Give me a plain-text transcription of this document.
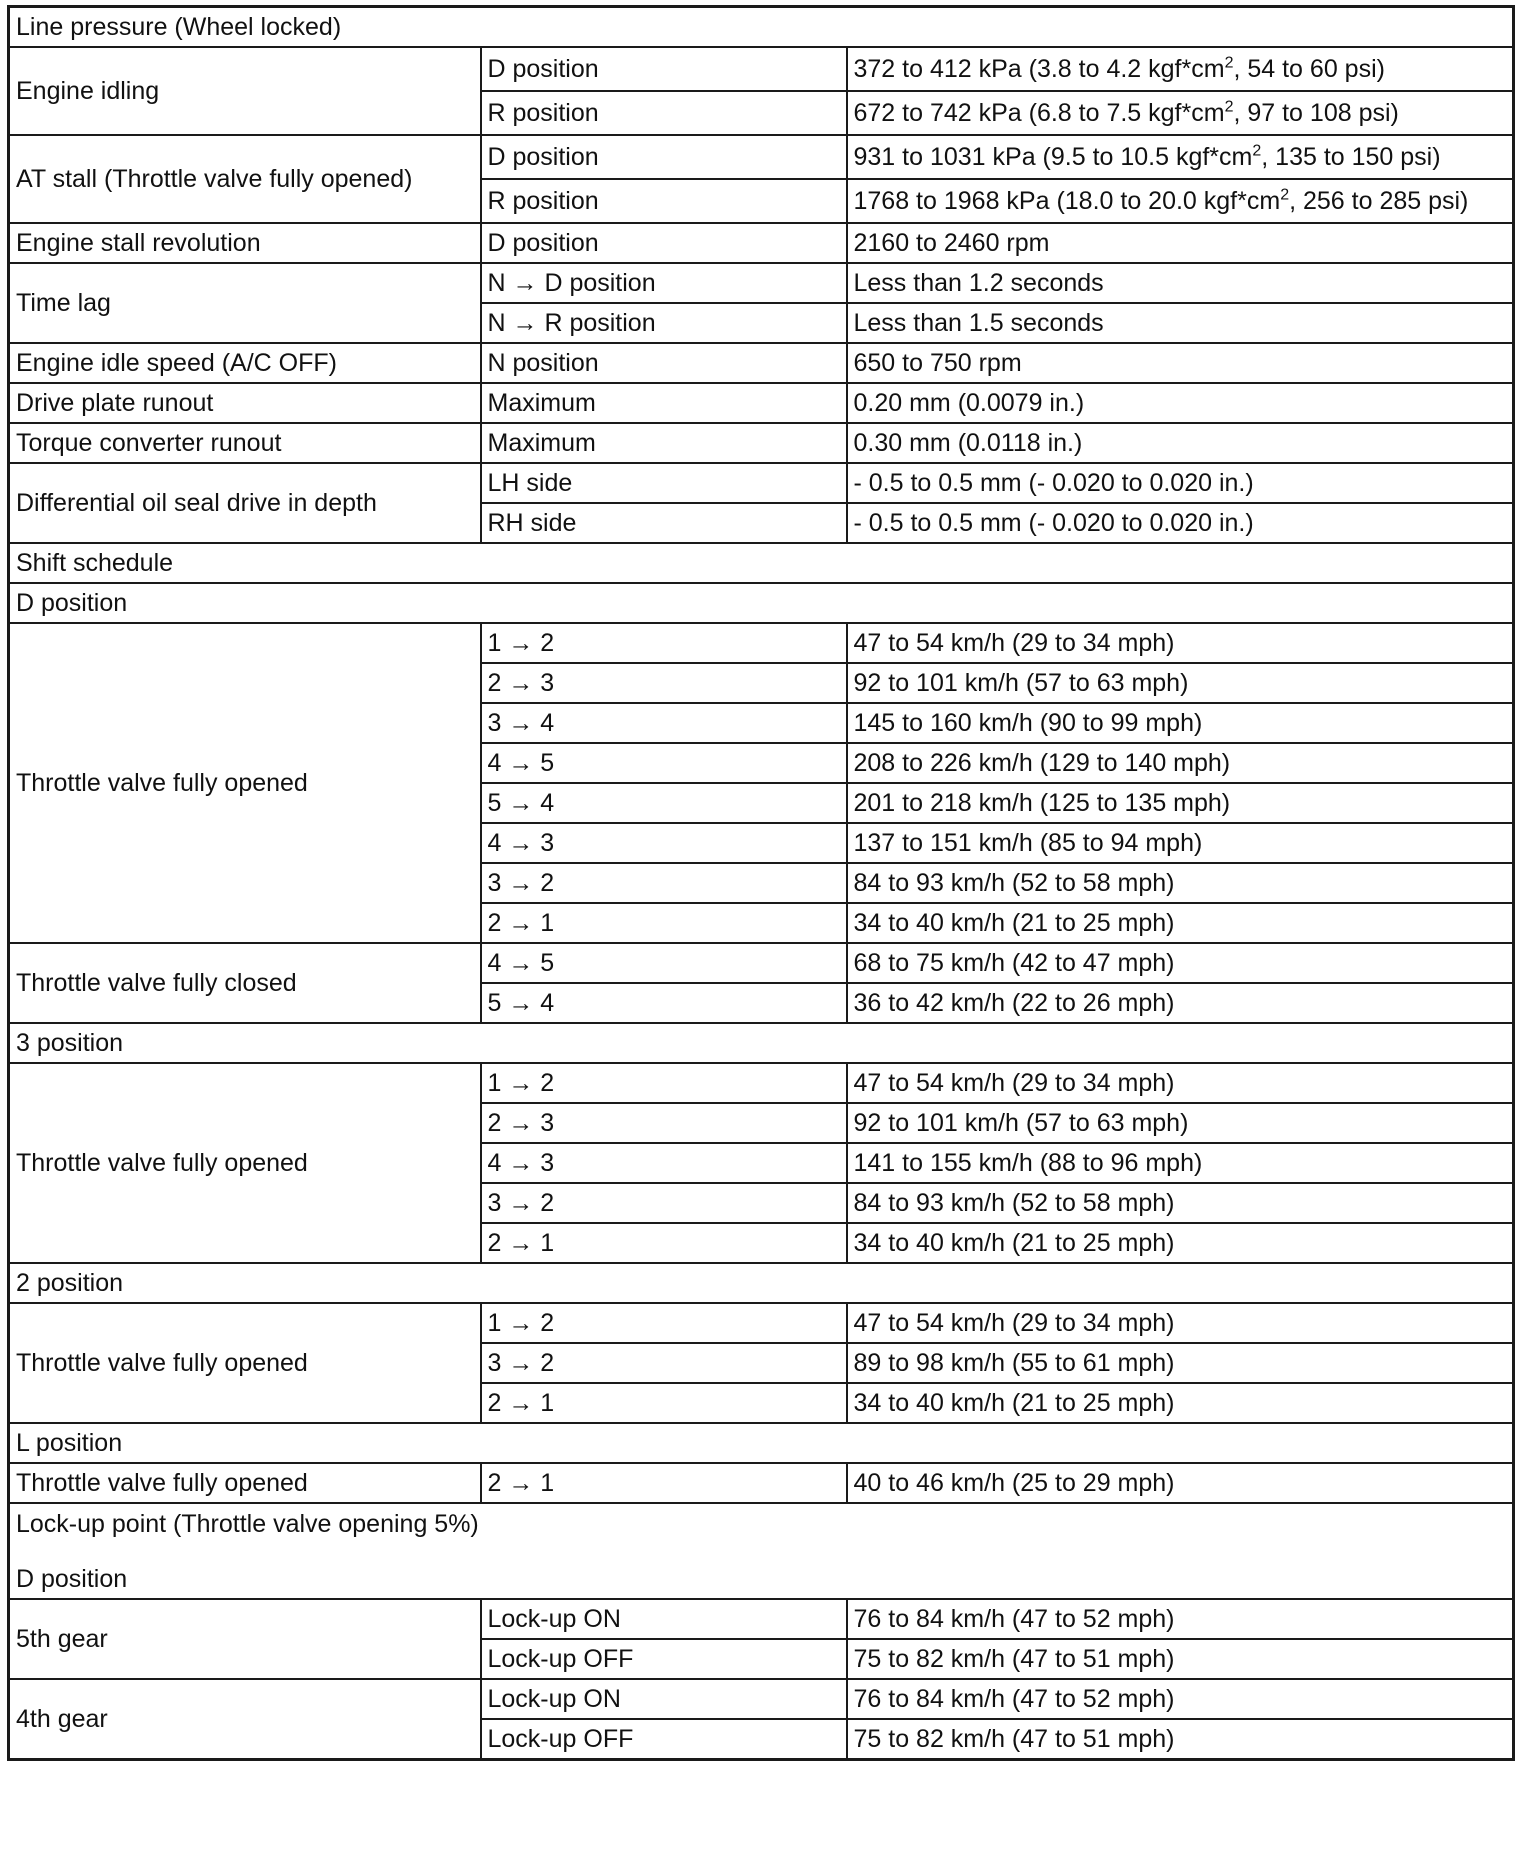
Line pressure (Wheel locked)		
Engine idling	D position	372 to 412 kPa (3.8 to 4.2 $kgf*cm^2$, 54 to 60 psi)
	R position	672 to 742 kPa (6.8 to 7.5 $kgf*cm^2$, 97 to 108 psi)
AT stall (Throttle valve fully opened)	D position	931 to 1031 kPa (9.5 to 10.5 $kgf*cm^2$, 135 to 150 psi)
	R position	1768 to 1968 kPa (18.0 to 20.0 $kgf*cm^2$, 256 to 285 psi)
Engine stall revolution	D position	2160 to 2460 rpm
Time lag	N → D position	Less than 1.2 seconds
	N → R position	Less than 1.5 seconds
Engine idle speed (A/C OFF)	N position	650 to 750 rpm
Drive plate runout	Maximum	0.20 mm (0.0079 in.)
Torque converter runout	Maximum	0.30 mm (0.0118 in.)
Differential oil seal drive in depth	LH side	- 0.5 to 0.5 mm (- 0.020 to 0.020 in.)
	RH side	- 0.5 to 0.5 mm (- 0.020 to 0.020 in.)
Shift schedule		
D position		
Throttle valve fully opened	1 → 2	47 to 54 km/h (29 to 34 mph)
	2 → 3	92 to 101 km/h (57 to 63 mph)
	3 → 4	145 to 160 km/h (90 to 99 mph)
	4 → 5	208 to 226 km/h (129 to 140 mph)
	5 → 4	201 to 218 km/h (125 to 135 mph)
	4 → 3	137 to 151 km/h (85 to 94 mph)
	3 → 2	84 to 93 km/h (52 to 58 mph)
	2 → 1	34 to 40 km/h (21 to 25 mph)
Throttle valve fully closed	4 → 5	68 to 75 km/h (42 to 47 mph)
	5 → 4	36 to 42 km/h (22 to 26 mph)
3 position		
Throttle valve fully opened	1 → 2	47 to 54 km/h (29 to 34 mph)
	2 → 3	92 to 101 km/h (57 to 63 mph)
	4 → 3	141 to 155 km/h (88 to 96 mph)
	3 → 2	84 to 93 km/h (52 to 58 mph)
	2 → 1	34 to 40 km/h (21 to 25 mph)
2 position		
Throttle valve fully opened	1 → 2	47 to 54 km/h (29 to 34 mph)
	3 → 2	89 to 98 km/h (55 to 61 mph)
	2 → 1	34 to 40 km/h (21 to 25 mph)
L position		
Throttle valve fully opened	2 → 1	40 to 46 km/h (25 to 29 mph)
Lock-up point (Throttle valve opening 5%)		
D position		
5th gear	Lock-up ON	76 to 84 km/h (47 to 52 mph)
	Lock-up OFF	75 to 82 km/h (47 to 51 mph)
4th gear	Lock-up ON	76 to 84 km/h (47 to 52 mph)
	Lock-up OFF	75 to 82 km/h (47 to 51 mph)
